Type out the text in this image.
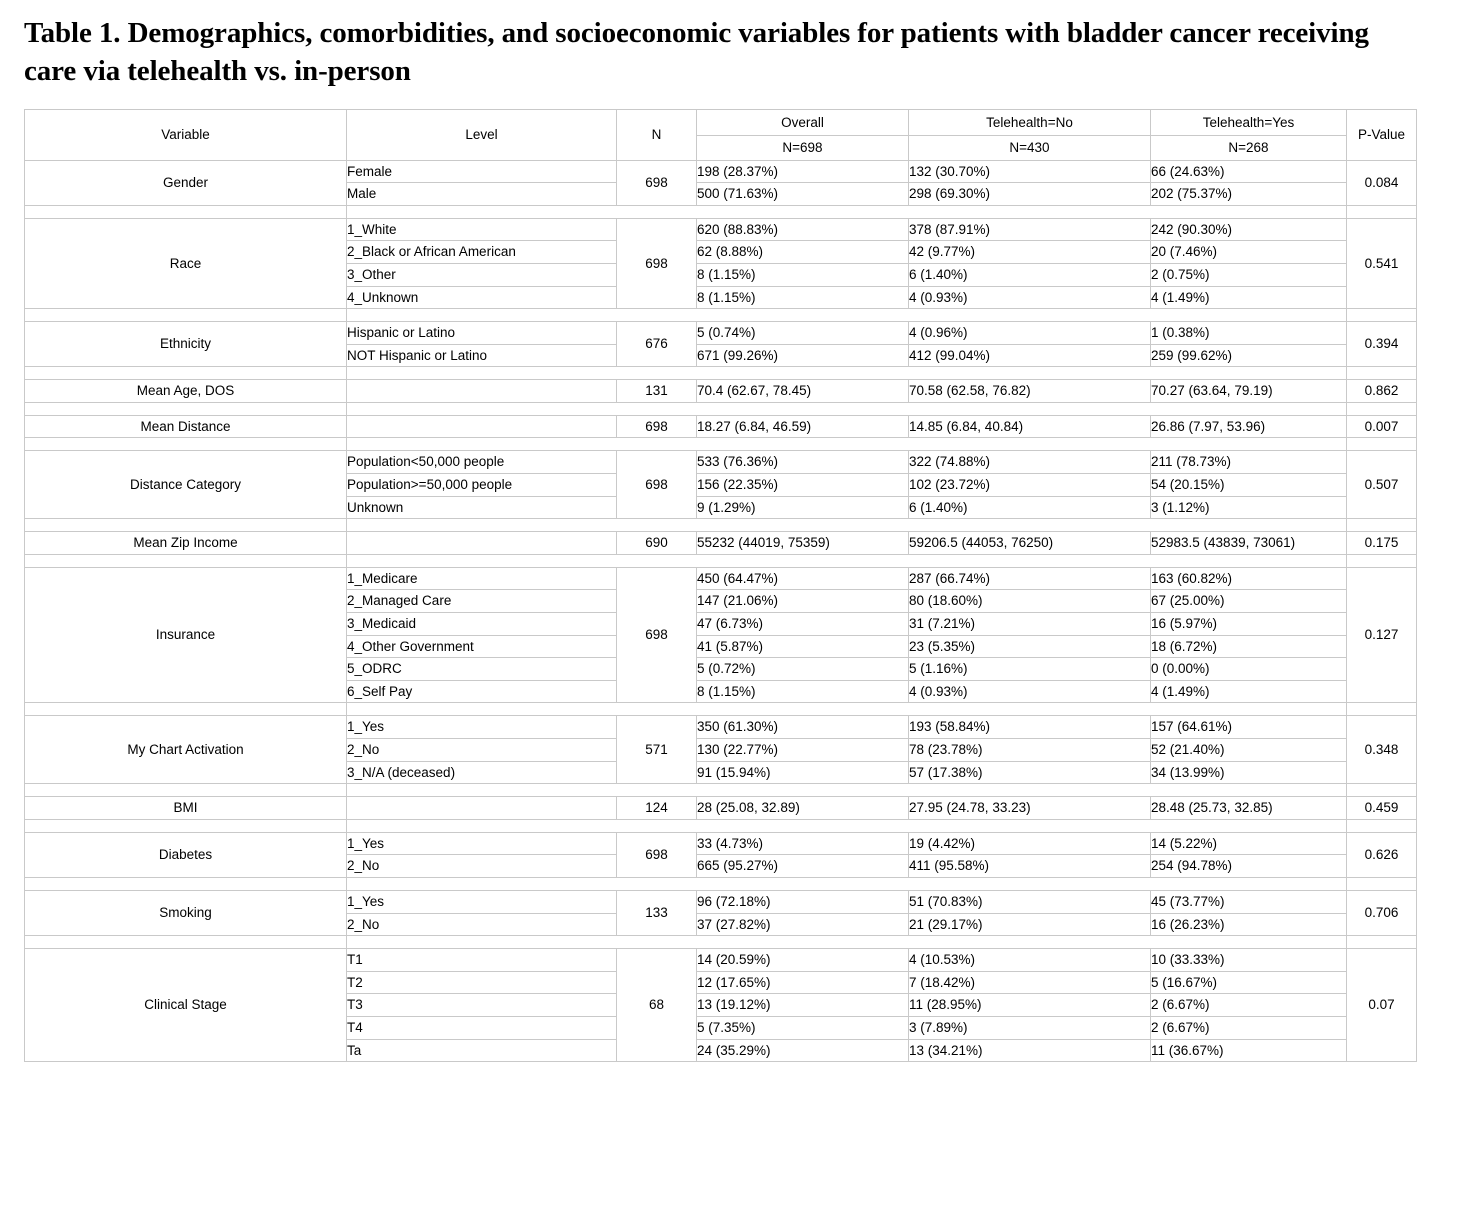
Table 1. Demographics, comorbidities, and socioeconomic variables for patients with bladder cancer receiving care via telehealth vs. in-person
Variable	Level	N	Overall	Telehealth=No	Telehealth=Yes	P-Value
			N=698	N=430	N=268	
Gender	Female	698	198 (28.37%)	132 (30.70%)	66 (24.63%)	0.084
	Male		500 (71.63%)	298 (69.30%)	202 (75.37%)	

Race	1_White	698	620 (88.83%)	378 (87.91%)	242 (90.30%)	0.541
	2_Black or African American		62 (8.88%)	42 (9.77%)	20 (7.46%)	
	3_Other		8 (1.15%)	6 (1.40%)	2 (0.75%)	
	4_Unknown		8 (1.15%)	4 (0.93%)	4 (1.49%)	

Ethnicity	Hispanic or Latino	676	5 (0.74%)	4 (0.96%)	1 (0.38%)	0.394
	NOT Hispanic or Latino		671 (99.26%)	412 (99.04%)	259 (99.62%)	

Mean Age, DOS		131	70.4 (62.67, 78.45)	70.58 (62.58, 76.82)	70.27 (63.64, 79.19)	0.862

Mean Distance		698	18.27 (6.84, 46.59)	14.85 (6.84, 40.84)	26.86 (7.97, 53.96)	0.007

Distance Category	Population<50,000 people	698	533 (76.36%)	322 (74.88%)	211 (78.73%)	0.507
	Population>=50,000 people		156 (22.35%)	102 (23.72%)	54 (20.15%)	
	Unknown		9 (1.29%)	6 (1.40%)	3 (1.12%)	

Mean Zip Income		690	55232 (44019, 75359)	59206.5 (44053, 76250)	52983.5 (43839, 73061)	0.175

Insurance	1_Medicare	698	450 (64.47%)	287 (66.74%)	163 (60.82%)	0.127
	2_Managed Care		147 (21.06%)	80 (18.60%)	67 (25.00%)	
	3_Medicaid		47 (6.73%)	31 (7.21%)	16 (5.97%)	
	4_Other Government		41 (5.87%)	23 (5.35%)	18 (6.72%)	
	5_ODRC		5 (0.72%)	5 (1.16%)	0 (0.00%)	
	6_Self Pay		8 (1.15%)	4 (0.93%)	4 (1.49%)	

My Chart Activation	1_Yes	571	350 (61.30%)	193 (58.84%)	157 (64.61%)	0.348
	2_No		130 (22.77%)	78 (23.78%)	52 (21.40%)	
	3_N/A (deceased)		91 (15.94%)	57 (17.38%)	34 (13.99%)	

BMI		124	28 (25.08, 32.89)	27.95 (24.78, 33.23)	28.48 (25.73, 32.85)	0.459

Diabetes	1_Yes	698	33 (4.73%)	19 (4.42%)	14 (5.22%)	0.626
	2_No		665 (95.27%)	411 (95.58%)	254 (94.78%)	

Smoking	1_Yes	133	96 (72.18%)	51 (70.83%)	45 (73.77%)	0.706
	2_No		37 (27.82%)	21 (29.17%)	16 (26.23%)	

Clinical Stage	T1	68	14 (20.59%)	4 (10.53%)	10 (33.33%)	0.07
	T2		12 (17.65%)	7 (18.42%)	5 (16.67%)	
	T3		13 (19.12%)	11 (28.95%)	2 (6.67%)	
	T4		5 (7.35%)	3 (7.89%)	2 (6.67%)	
	Ta		24 (35.29%)	13 (34.21%)	11 (36.67%)	
